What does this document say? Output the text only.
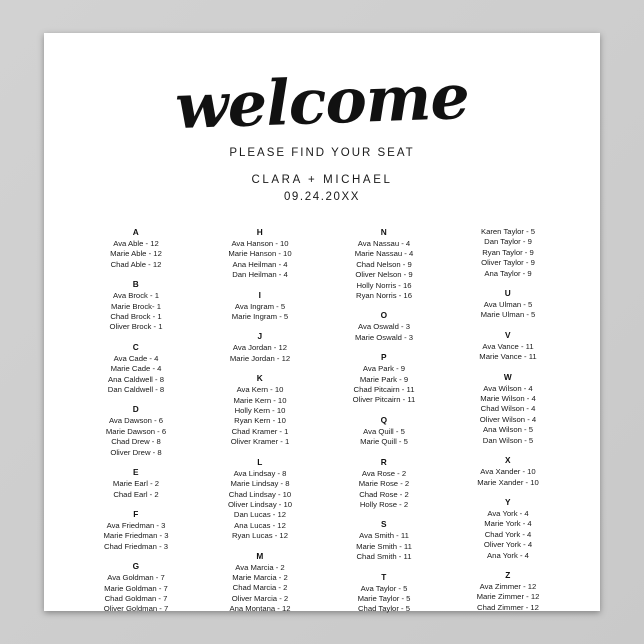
welcome
PLEASE FIND YOUR SEAT
CLARA + MICHAEL
09.24.20XX
A
Ava Able - 12
Marie Able - 12
Chad Able - 12
B
Ava Brock - 1
Marie Brock- 1
Chad Brock - 1
Oliver Brock - 1
C
Ava Cade - 4
Marie Cade - 4
Ana Caldwell - 8
Dan Caldwell - 8
D
Ava Dawson - 6
Marie Dawson - 6
Chad Drew - 8
Oliver Drew - 8
E
Marie Earl - 2
Chad Earl - 2
F
Ava Friedman - 3
Marie Friedman - 3
Chad Friedman - 3
G
Ava Goldman - 7
Marie Goldman - 7
Chad Goldman - 7
Oliver Goldman - 7
H
Ava Hanson - 10
Marie Hanson - 10
Ana Heilman - 4
Dan Heilman - 4
I
Ava Ingram - 5
Marie Ingram - 5
J
Ava Jordan - 12
Marie Jordan - 12
K
Ava Kern - 10
Marie Kern - 10
Holly Kern - 10
Ryan Kern - 10
Chad Kramer - 1
Oliver Kramer - 1
L
Ava Lindsay - 8
Marie Lindsay - 8
Chad Lindsay - 10
Oliver Lindsay - 10
Dan Lucas - 12
Ana Lucas - 12
Ryan Lucas - 12
M
Ava Marcia - 2
Marie Marcia - 2
Chad Marcia - 2
Oliver Marcia - 2
Ana Montana - 12
N
Ava Nassau - 4
Marie Nassau - 4
Chad Nelson - 9
Oliver Nelson - 9
Holly Norris - 16
Ryan Norris - 16
O
Ava Oswald - 3
Marie Oswald - 3
P
Ava Park - 9
Marie Park - 9
Chad Pitcairn - 11
Oliver Pitcairn - 11
Q
Ava Quill - 5
Marie Quill - 5
R
Ava Rose - 2
Marie Rose - 2
Chad Rose - 2
Holly Rose - 2
S
Ava Smith - 11
Marie Smith - 11
Chad Smith - 11
T
Ava Taylor - 5
Marie Taylor - 5
Chad Taylor - 5
Karen Taylor - 5
Dan Taylor - 9
Ryan Taylor - 9
Oliver Taylor - 9
Ana Taylor - 9
U
Ava Ulman - 5
Marie Ulman - 5
V
Ava Vance - 11
Marie Vance - 11
W
Ava Wilson - 4
Marie Wilson - 4
Chad Wilson - 4
Oliver Wilson - 4
Ana Wilson - 5
Dan Wilson - 5
X
Ava Xander - 10
Marie Xander - 10
Y
Ava York - 4
Marie York - 4
Chad York - 4
Oliver York - 4
Ana York - 4
Z
Ava Zimmer - 12
Marie Zimmer - 12
Chad Zimmer - 12
